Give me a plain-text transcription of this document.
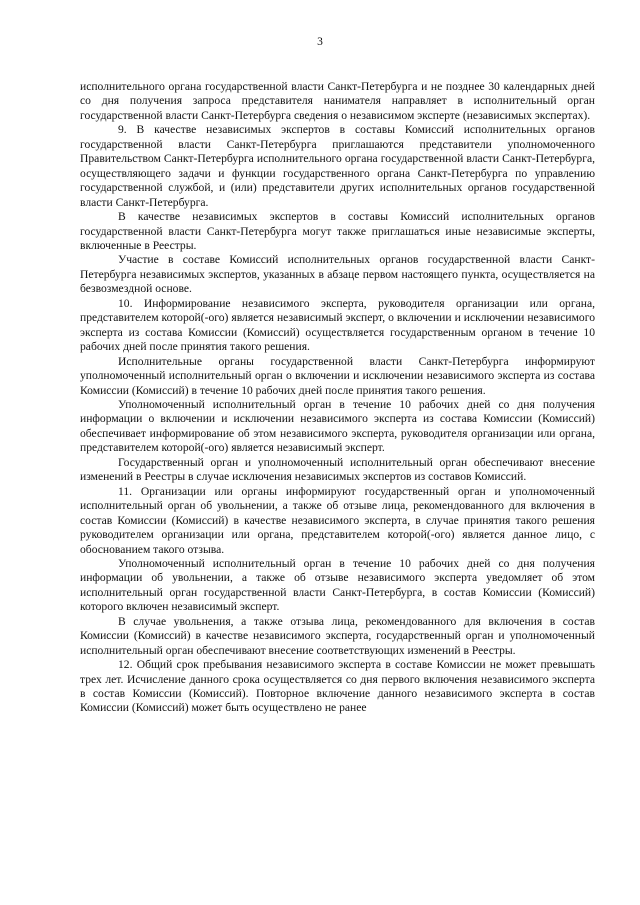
3

исполнительного органа государственной власти Санкт-Петербурга и не позднее 30 календарных дней со дня получения запроса представителя нанимателя направляет в исполнительный орган государственной власти Санкт-Петербурга сведения о независимом эксперте (независимых экспертах).

9. В качестве независимых экспертов в составы Комиссий исполнительных органов государственной власти Санкт-Петербурга приглашаются представители уполномоченного Правительством Санкт-Петербурга исполнительного органа государственной власти Санкт-Петербурга, осуществляющего задачи и функции государственного органа Санкт-Петербурга по управлению государственной службой, и (или) представители других исполнительных органов государственной власти Санкт-Петербурга.

В качестве независимых экспертов в составы Комиссий исполнительных органов государственной власти Санкт-Петербурга могут также приглашаться иные независимые эксперты, включенные в Реестры.

Участие в составе Комиссий исполнительных органов государственной власти Санкт-Петербурга независимых экспертов, указанных в абзаце первом настоящего пункта, осуществляется на безвозмездной основе.

10. Информирование независимого эксперта, руководителя организации или органа, представителем которой(-ого) является независимый эксперт, о включении и исключении независимого эксперта из состава Комиссии (Комиссий) осуществляется государственным органом в течение 10 рабочих дней после принятия такого решения.

Исполнительные органы государственной власти Санкт-Петербурга информируют уполномоченный исполнительный орган о включении и исключении независимого эксперта из состава Комиссии (Комиссий) в течение 10 рабочих дней после принятия такого решения.

Уполномоченный исполнительный орган в течение 10 рабочих дней со дня получения информации о включении и исключении независимого эксперта из состава Комиссии (Комиссий) обеспечивает информирование об этом независимого эксперта, руководителя организации или органа, представителем которой(-ого) является независимый эксперт.

Государственный орган и уполномоченный исполнительный орган обеспечивают внесение изменений в Реестры в случае исключения независимых экспертов из составов Комиссий.

11. Организации или органы информируют государственный орган и уполномоченный исполнительный орган об увольнении, а также об отзыве лица, рекомендованного для включения в состав Комиссии (Комиссий) в качестве независимого эксперта, в случае принятия такого решения руководителем организации или органа, представителем которой(-ого) является данное лицо, с обоснованием такого отзыва.

Уполномоченный исполнительный орган в течение 10 рабочих дней со дня получения информации об увольнении, а также об отзыве независимого эксперта уведомляет об этом исполнительный орган государственной власти Санкт-Петербурга, в состав Комиссии (Комиссий) которого включен независимый эксперт.

В случае увольнения, а также отзыва лица, рекомендованного для включения в состав Комиссии (Комиссий) в качестве независимого эксперта, государственный орган и уполномоченный исполнительный орган обеспечивают внесение соответствующих изменений в Реестры.

12. Общий срок пребывания независимого эксперта в составе Комиссии не может превышать трех лет. Исчисление данного срока осуществляется со дня первого включения независимого эксперта в состав Комиссии (Комиссий). Повторное включение данного независимого эксперта в состав Комиссии (Комиссий) может быть осуществлено не ранее
